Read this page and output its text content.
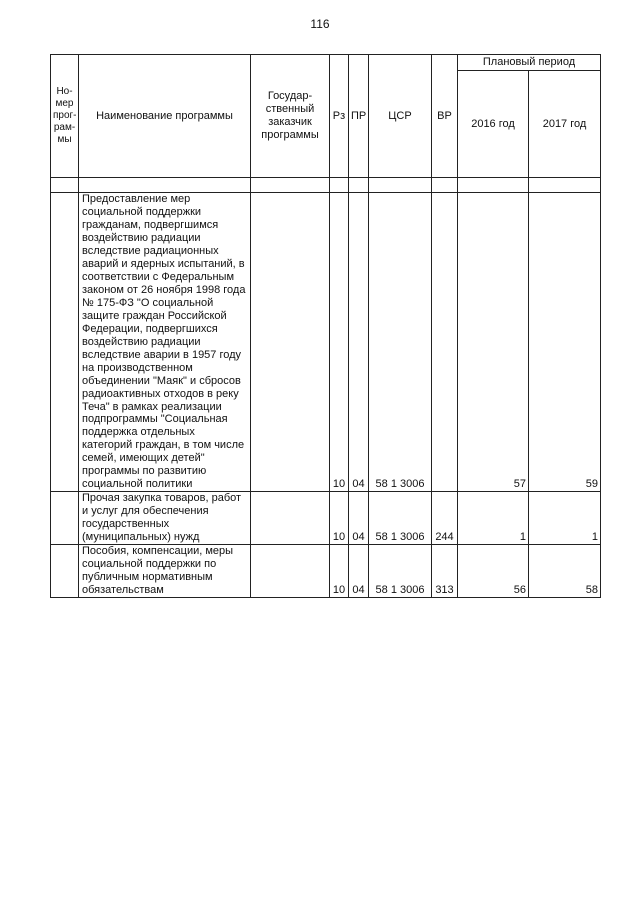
116
Но-
мер
прог-
рам-
мы	Наименование программы	Государ-
ственный
заказчик
программы	Рз	ПР	ЦСР	ВР	Плановый период	
							2016 год	2017 год

	Предоставление мер социальной поддержки гражданам, подвергшимся воздействию радиации вследствие радиационных аварий и ядерных испытаний, в соответствии с Федеральным законом от 26 ноября 1998 года № 175-ФЗ "О социальной защите граждан Российской Федерации, подвергшихся воздействию радиации вследствие аварии в 1957 году на производственном объединении "Маяк" и сбросов радиоактивных отходов в реку Теча" в рамках реализации подпрограммы "Социальная поддержка отдельных категорий граждан, в том числе семей, имеющих детей" программы по развитию социальной политики		10	04	58 1 3006		57	59
	Прочая закупка товаров, работ и услуг для обеспечения государственных (муниципальных) нужд		10	04	58 1 3006	244	1	1
	Пособия, компенсации, меры социальной поддержки по публичным нормативным обязательствам		10	04	58 1 3006	313	56	58
